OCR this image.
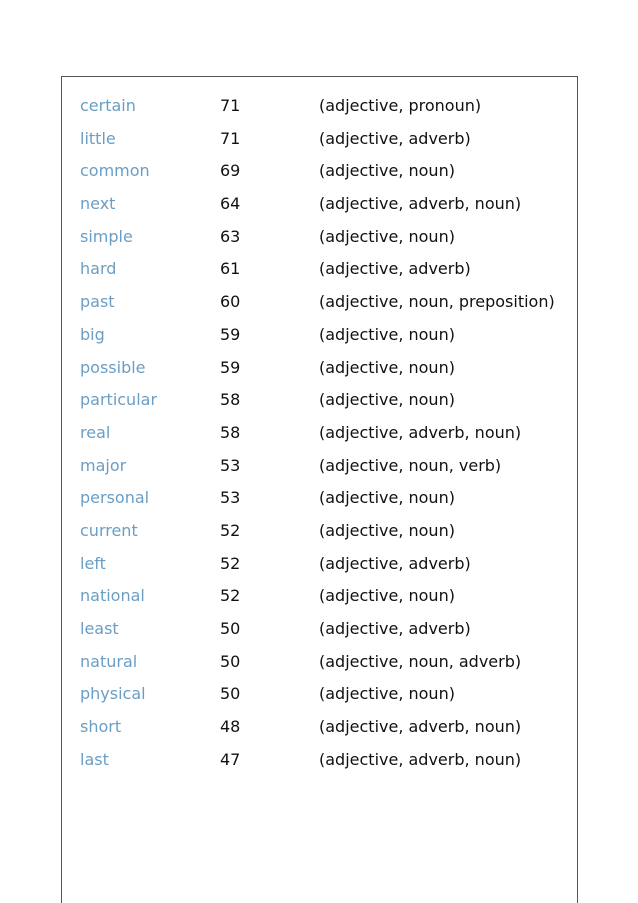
certain	71	(adjective, pronoun)
little	71	(adjective, adverb)
common	69	(adjective, noun)
next	64	(adjective, adverb, noun)
simple	63	(adjective, noun)
hard	61	(adjective, adverb)
past	60	(adjective, noun, preposition)
big	59	(adjective, noun)
possible	59	(adjective, noun)
particular	58	(adjective, noun)
real	58	(adjective, adverb, noun)
major	53	(adjective, noun, verb)
personal	53	(adjective, noun)
current	52	(adjective, noun)
left	52	(adjective, adverb)
national	52	(adjective, noun)
least	50	(adjective, adverb)
natural	50	(adjective, noun, adverb)
physical	50	(adjective, noun)
short	48	(adjective, adverb, noun)
last	47	(adjective, adverb, noun)
